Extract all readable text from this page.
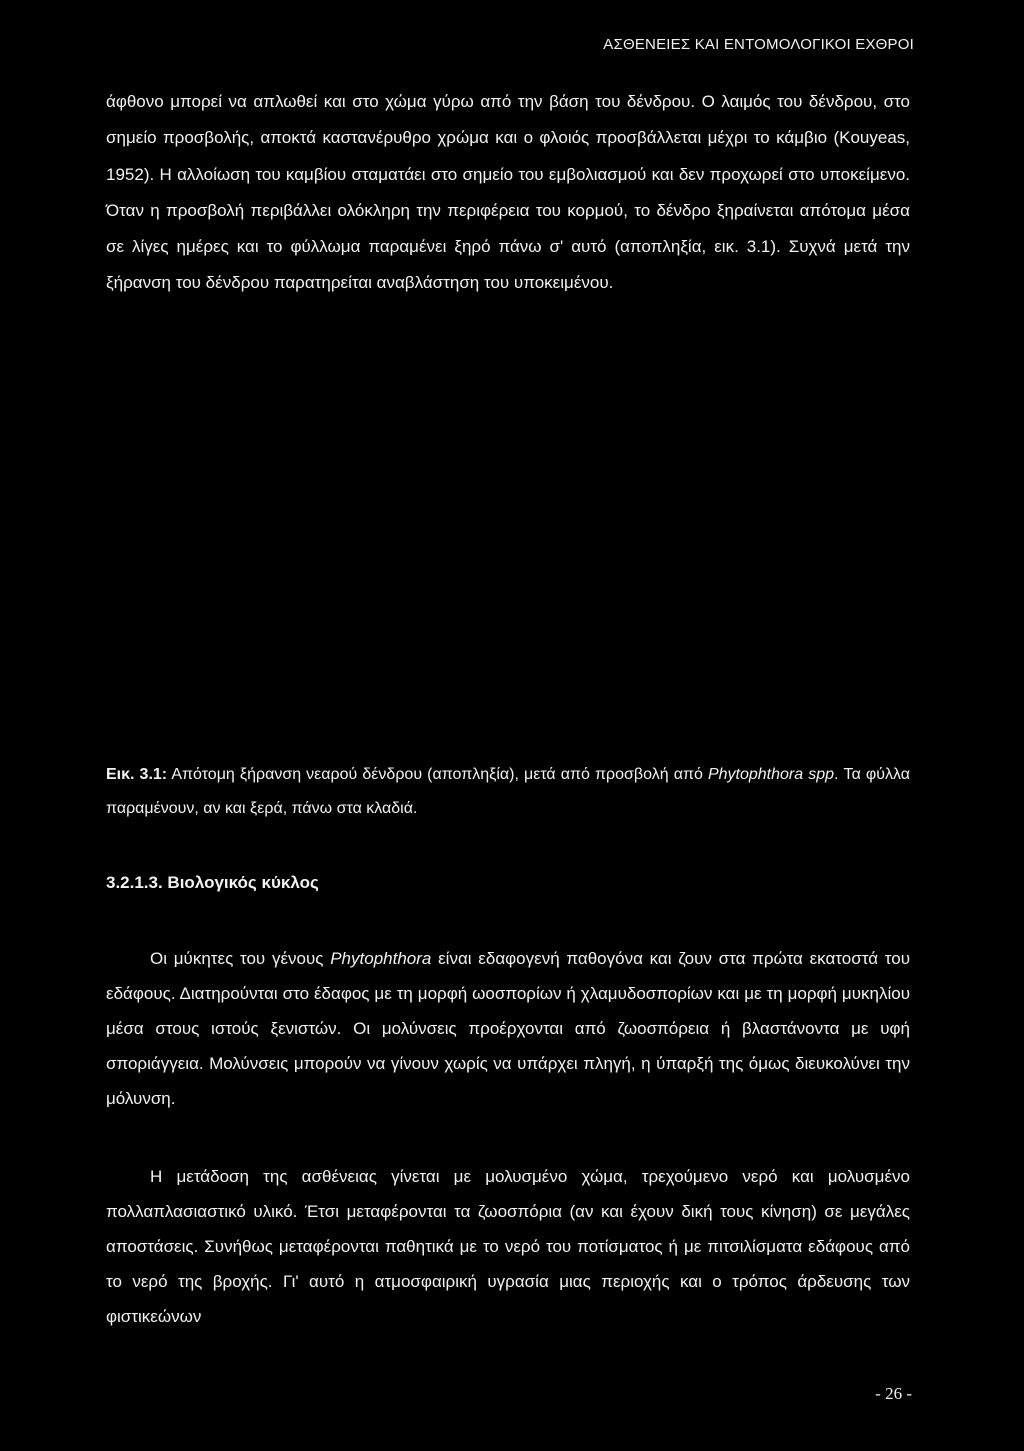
ΑΣΘΕΝΕΙΕΣ ΚΑΙ ΕΝΤΟΜΟΛΟΓΙΚΟΙ ΕΧΘΡΟΙ

άφθονο μπορεί να απλωθεί και στο χώμα γύρω από την βάση του δένδρου. Ο λαιμός του δένδρου, στο σημείο προσβολής, αποκτά καστανέρυθρο χρώμα και ο φλοιός προσβάλλεται μέχρι το κάμβιο (Kouyeas, 1952). Η αλλοίωση του καμβίου σταματάει στο σημείο του εμβολιασμού και δεν προχωρεί στο υποκείμενο. Όταν η προσβολή περιβάλλει ολόκληρη την περιφέρεια του κορμού, το δένδρο ξηραίνεται απότομα μέσα σε λίγες ημέρες και το φύλλωμα παραμένει ξηρό πάνω σ' αυτό (αποπληξία, εικ. 3.1). Συχνά μετά την ξήρανση του δένδρου παρατηρείται αναβλάστηση του υποκειμένου.

Εικ. 3.1: Απότομη ξήρανση νεαρού δένδρου (αποπληξία), μετά από προσβολή από Phytophthora spp. Τα φύλλα παραμένουν, αν και ξερά, πάνω στα κλαδιά.

3.2.1.3. Βιολογικός κύκλος

Οι μύκητες του γένους Phytophthora είναι εδαφογενή παθογόνα και ζουν στα πρώτα εκατοστά του εδάφους. Διατηρούνται στο έδαφος με τη μορφή ωοσπορίων ή χλαμυδοσπορίων και με τη μορφή μυκηλίου μέσα στους ιστούς ξενιστών. Οι μολύνσεις προέρχονται από ζωοσπόρεια ή βλαστάνοντα με υφή σποριάγγεια. Μολύνσεις μπορούν να γίνουν χωρίς να υπάρχει πληγή, η ύπαρξή της όμως διευκολύνει την μόλυνση.

Η μετάδοση της ασθένειας γίνεται με μολυσμένο χώμα, τρεχούμενο νερό και μολυσμένο πολλαπλασιαστικό υλικό. Έτσι μεταφέρονται τα ζωοσπόρια (αν και έχουν δική τους κίνηση) σε μεγάλες αποστάσεις. Συνήθως μεταφέρονται παθητικά με το νερό του ποτίσματος ή με πιτσιλίσματα εδάφους από το νερό της βροχής. Γι' αυτό η ατμοσφαιρική υγρασία μιας περιοχής και ο τρόπος άρδευσης των φιστικεώνων

- 26 -
